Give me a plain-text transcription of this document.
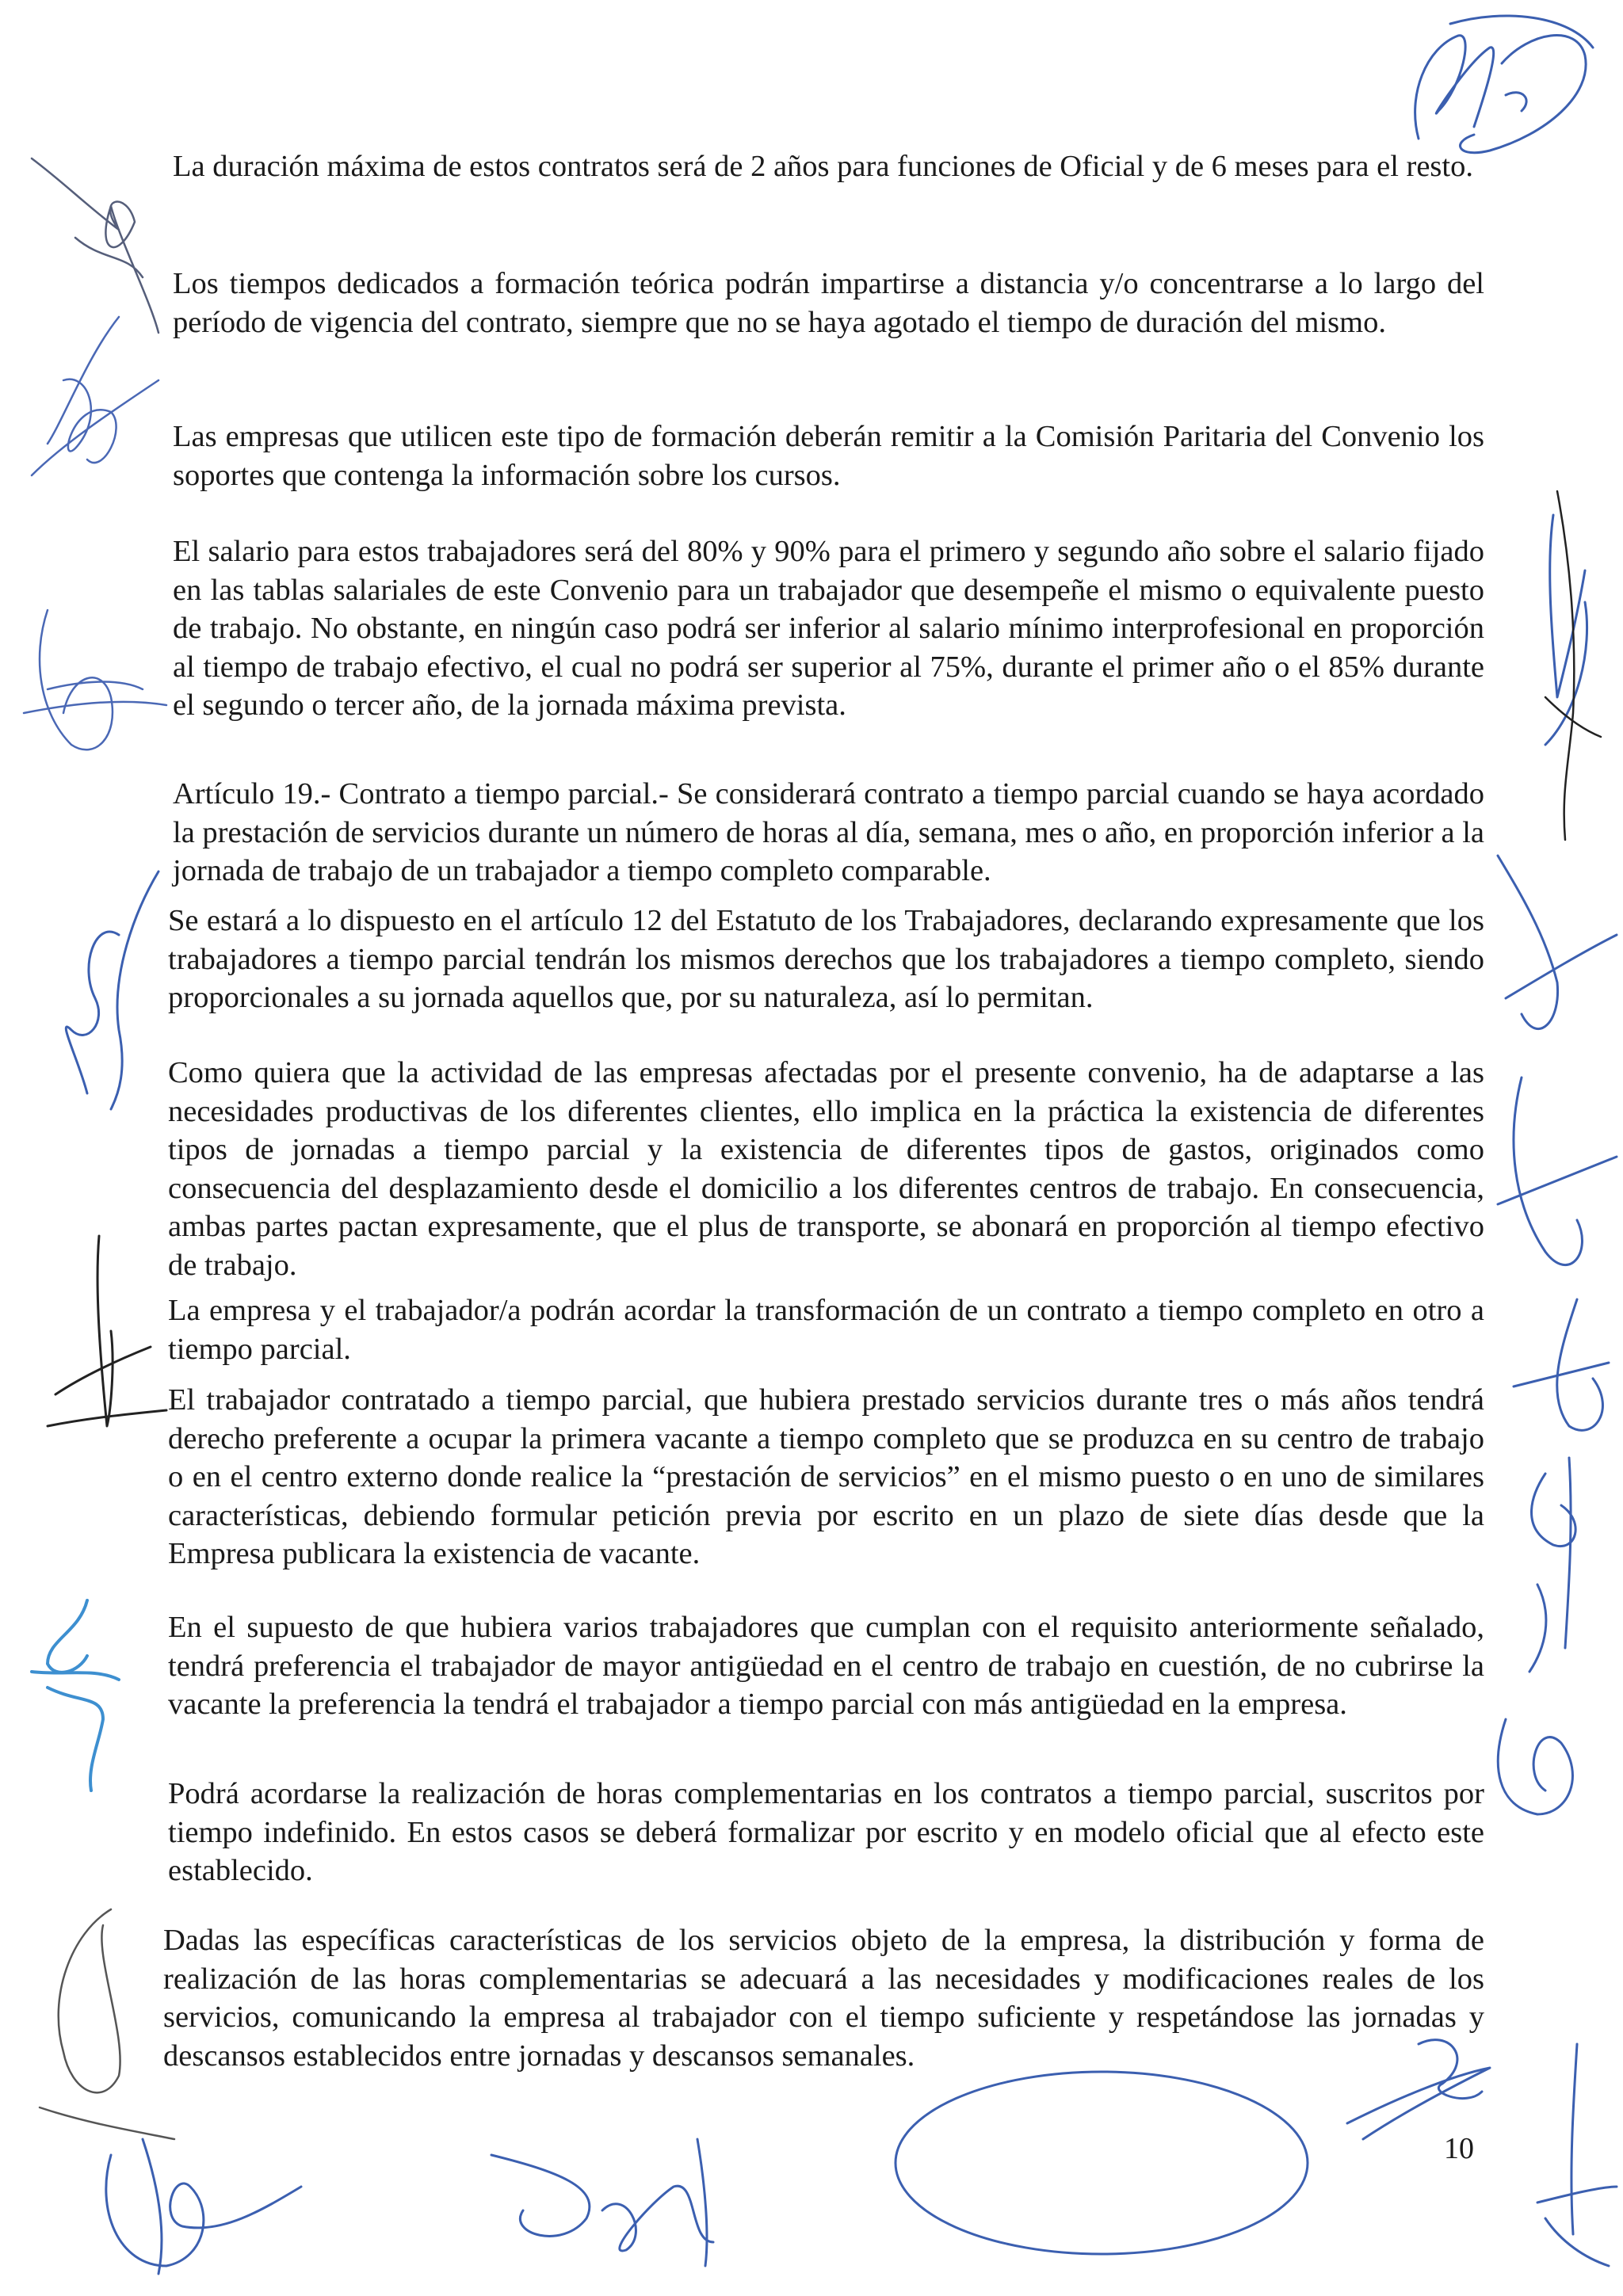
La duración máxima de estos contratos será de 2 años para funciones de Oficial y de 6 meses para el resto.

Los tiempos dedicados a formación teórica podrán impartirse a distancia y/o concentrarse a lo largo del período de vigencia del contrato, siempre que no se haya agotado el tiempo de duración del mismo.

Las empresas que utilicen este tipo de formación deberán remitir a la Comisión Paritaria del Convenio los soportes que contenga la información sobre los cursos.

El salario para estos trabajadores será del 80% y 90% para el primero y segundo año sobre el salario fijado en las tablas salariales de este Convenio para un trabajador que desempeñe el mismo o equivalente puesto de trabajo. No obstante, en ningún caso podrá ser inferior al salario mínimo interprofesional en proporción al tiempo de trabajo efectivo, el cual no podrá ser superior al 75%, durante el primer año o el 85% durante el segundo o tercer año, de la jornada máxima prevista.

Artículo 19.- Contrato a tiempo parcial.- Se considerará contrato a tiempo parcial cuando se haya acordado la prestación de servicios durante un número de horas al día, semana, mes o año, en proporción inferior a la jornada de trabajo de un trabajador a tiempo completo comparable.

Se estará a lo dispuesto en el artículo 12 del Estatuto de los Trabajadores, declarando expresamente que los trabajadores a tiempo parcial tendrán los mismos derechos que los trabajadores a tiempo completo, siendo proporcionales a su jornada aquellos que, por su naturaleza, así lo permitan.

Como quiera que la actividad de las empresas afectadas por el presente convenio, ha de adaptarse a las necesidades productivas de los diferentes clientes, ello implica en la práctica la existencia de diferentes tipos de jornadas a tiempo parcial y la existencia de diferentes tipos de gastos, originados como consecuencia del desplazamiento desde el domicilio a los diferentes centros de trabajo. En consecuencia, ambas partes pactan expresamente, que el plus de transporte, se abonará en proporción al tiempo efectivo de trabajo.

La empresa y el trabajador/a podrán acordar la transformación de un contrato a tiempo completo en otro a tiempo parcial.

El trabajador contratado a tiempo parcial, que hubiera prestado servicios durante tres o más años tendrá derecho preferente a ocupar la primera vacante a tiempo completo que se produzca en su centro de trabajo o en el centro externo donde realice la “prestación de servicios” en el mismo puesto o en uno de similares características, debiendo formular petición previa por escrito en un plazo de siete días desde que la Empresa publicara la existencia de vacante.

En el supuesto de que hubiera varios trabajadores que cumplan con el requisito anteriormente señalado, tendrá preferencia el trabajador de mayor antigüedad en el centro de trabajo en cuestión, de no cubrirse la vacante la preferencia la tendrá el trabajador a tiempo parcial con más antigüedad en la empresa.

Podrá acordarse la realización de horas complementarias en los contratos a tiempo parcial, suscritos por tiempo indefinido. En estos casos se deberá formalizar por escrito y en modelo oficial que al efecto este establecido.

Dadas las específicas características de los servicios objeto de la empresa, la distribución y forma de realización de las horas complementarias se adecuará a las necesidades y modificaciones reales de los servicios, comunicando la empresa al trabajador con el tiempo suficiente y respetándose las jornadas y descansos establecidos entre jornadas y descansos semanales.

10
